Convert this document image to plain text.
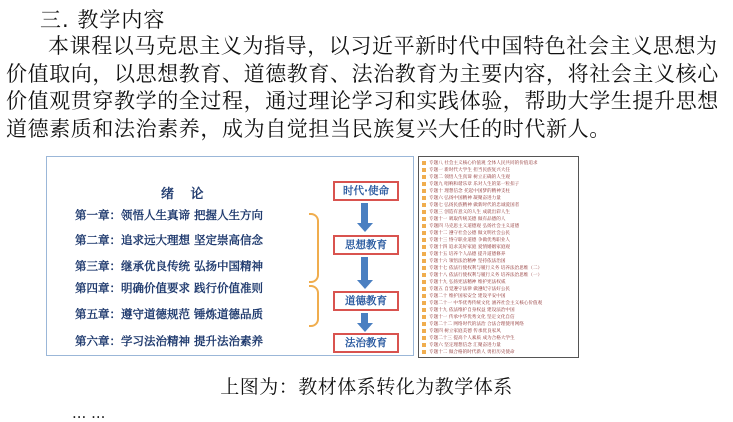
三. 教学内容
本课程以马克思主义为指导，以习近平新时代中国特色社会主义思想为价值取向，以思想教育、道德教育、法治教育为主要内容，将社会主义核心价值观贯穿教学的全过程，通过理论学习和实践体验，帮助大学生提升思想道德素质和法治素养，成为自觉担当民族复兴大任的时代新人。
绪 论
第一章：领悟人生真谛 把握人生方向
第二章：追求远大理想 坚定崇高信念
第三章：继承优良传统 弘扬中国精神
第四章：明确价值要求 践行价值准则
第五章：遵守道德规范 锤炼道德品质
第六章：学习法治精神 提升法治素养
时代·使命
思想教育
道德教育
法治教育
专题八 社会主义核心价值观 全体人民共同的价值追求
专题一 新时代大学生 担当民族复兴大任
专题二 领悟人生真谛 树立正确的人生观
专题九 唱响和谐乐章 乐对人生的第一粒扣子
专题十 理想信念 托起中国梦的精神支柱
专题六 弘扬中国精神 凝聚奋进力量
专题七 弘扬民族精神 做新时代的忠诚爱国者
专题三 创造有意义的人生 成就出彩人生
专题十一 吸取传统美德 做有品德的人
专题四 马克思主义道德观 弘扬社会主义道德
专题十二 遵守社会公德 做文明社会公民
专题十三 恪守职业道德 争做优秀职业人
专题十四 追求美好家庭 爱情婚姻家庭观
专题十五 培养个人品德 提升道德修养
专题十六 领悟法治精神 坚持依法治国
专题十七 依法行使权利与履行义务 培养法治思维（二）
专题十八 依法行使权利与履行义务 培养法治思维（一）
专题十九 弘扬宪法精神 维护宪法权威
专题五 自觉遵守法律 做遵纪守法好公民
专题二十 维护国家安全 建设平安中国
专题二十一 中华优秀传统文化 涵养社会主义核心价值观
专题十九 依法维护自身权益 建设法治中国
专题十一 传承中华优秀文化 坚定文化自信
专题二十二 网络时代的法治 合法合理使用网络
专题四 树立家庭美德 传承优良家风
专题二十三 提高个人素质 成为合格大学生
专题六 坚定理想信念 汇聚奋进力量
专题十二 做合格的时代新人 勇担历史使命
上图为：教材体系转化为教学体系
... ...
